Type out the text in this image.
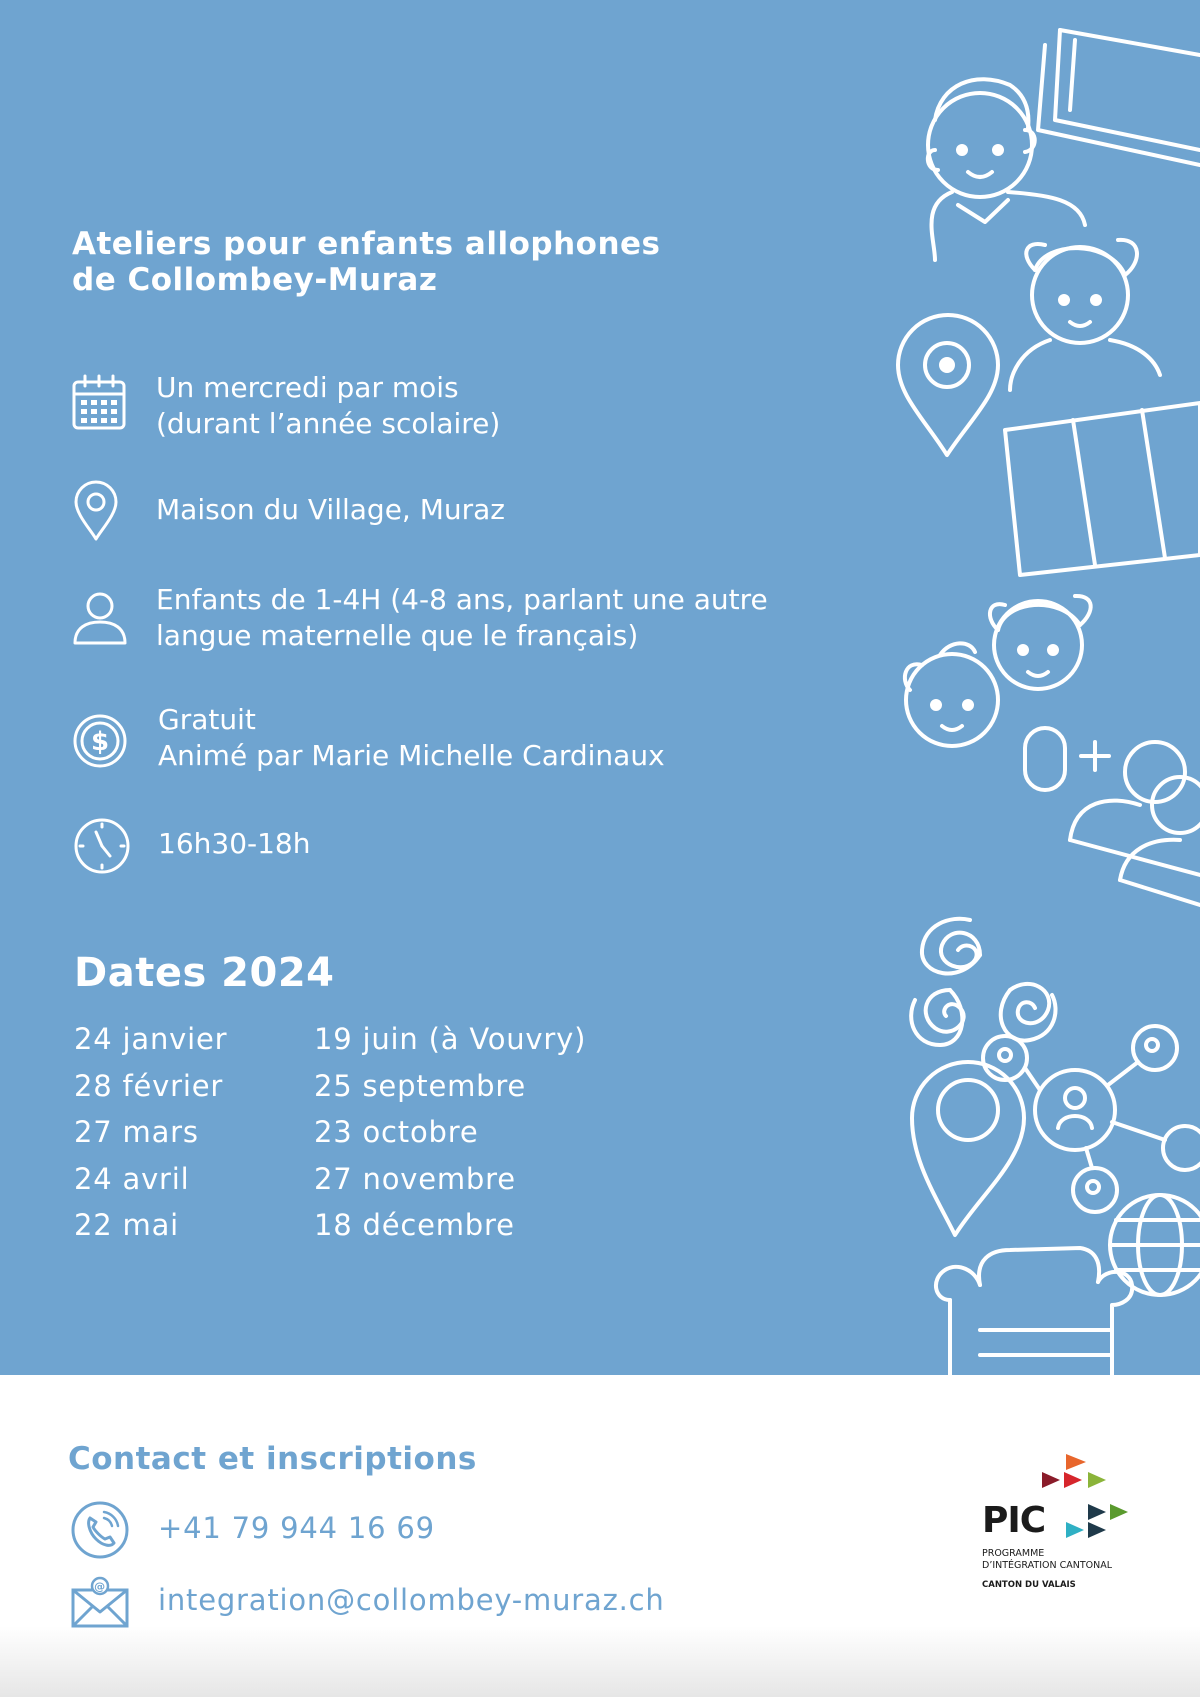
Ateliers pour enfants allophones
de Collombey-Muraz
Un mercredi par mois
(durant l’année scolaire)
Maison du Village, Muraz
Enfants de 1-4H (4-8 ans, parlant une autre
langue maternelle que le français)
$
Gratuit
Animé par Marie Michelle Cardinaux
16h30-18h
Dates 2024
24 janvier
28 février
27 mars
24 avril
22 mai
19 juin (à Vouvry)
25 septembre
23 octobre
27 novembre
18 décembre
Contact et inscriptions
+41 79 944 16 69
@ integration@collombey-muraz.ch
PIC
PROGRAMME
D’INTÉGRATION CANTONAL
CANTON DU VALAIS
